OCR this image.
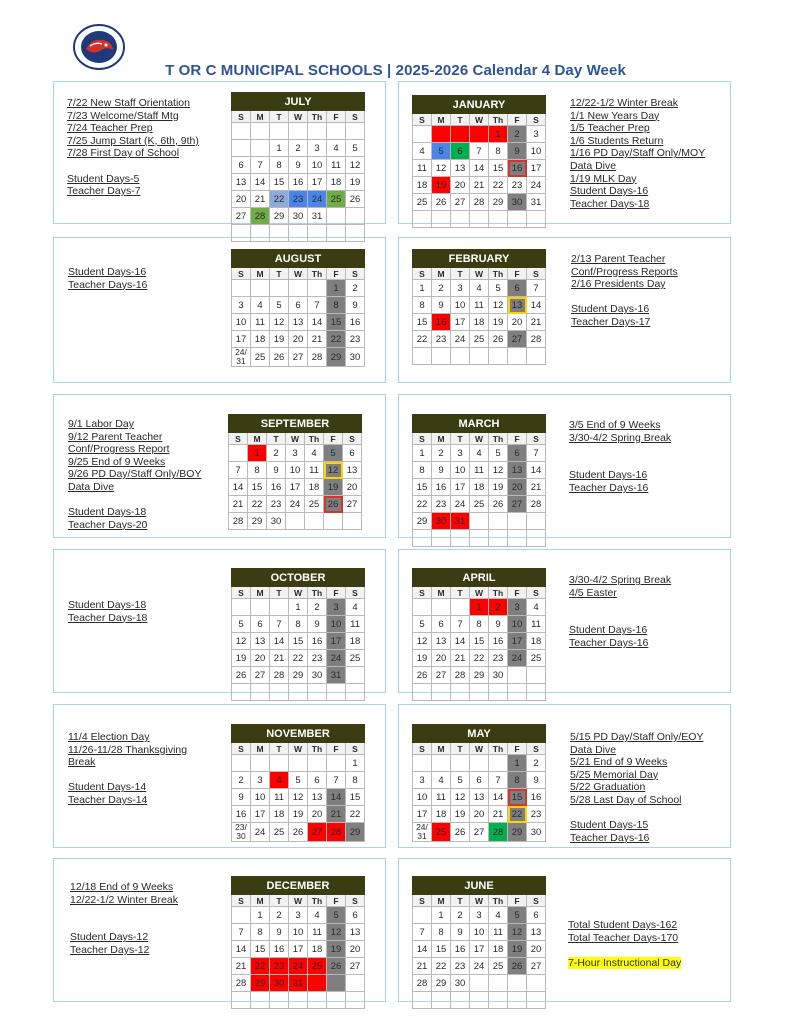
T OR C MUNICIPAL SCHOOLS | 2025-2026 Calendar 4 Day Week
7/22 New Staff Orientation
7/23 Welcome/Staff Mtg
7/24 Teacher Prep
7/25 Jump Start (K, 6th, 9th)
7/28 First Day of School
Student Days-5
Teacher Days-7
12/22-1/2 Winter Break
1/1 New Years Day
1/5 Teacher Prep
1/6 Students Return
1/16 PD Day/Staff Only/MOY
Data Dive
1/19 MLK Day
Student Days-16
Teacher Days-18
Student Days-16
Teacher Days-16
2/13 Parent Teacher
Conf/Progress Reports
2/16 Presidents Day
Student Days-16
Teacher Days-17
9/1 Labor Day
9/12 Parent Teacher
Conf/Progress Report
9/25 End of 9 Weeks
9/26 PD Day/Staff Only/BOY
Data Dive
Student Days-18
Teacher Days-20
3/5 End of 9 Weeks
3/30-4/2 Spring Break
Student Days-16
Teacher Days-16
Student Days-18
Teacher Days-18
3/30-4/2 Spring Break
4/5 Easter
Student Days-16
Teacher Days-16
11/4 Election Day
11/26-11/28 Thanksgiving
Break
Student Days-14
Teacher Days-14
5/15 PD Day/Staff Only/EOY
Data Dive
5/21 End of 9 Weeks
5/25 Memorial Day
5/22 Graduation
5/28 Last Day of School
Student Days-15
Teacher Days-16
12/18 End of 9 Weeks
12/22-1/2 Winter Break
Student Days-12
Teacher Days-12
Total Student Days-162
Total Teacher Days-170
7-Hour Instructional Day
JULY						
S	M	T	W	Th	F	S

		1	2	3	4	5
6	7	8	9	10	11	12
13	14	15	16	17	18	19
20	21	22	23	24	25	26
27	28	29	30	31		

JANUARY						
S	M	T	W	Th	F	S
				1	2	3
4	5	6	7	8	9	10
11	12	13	14	15	16	17
18	19	20	21	22	23	24
25	26	27	28	29	30	31

AUGUST						
S	M	T	W	Th	F	S
					1	2
3	4	5	6	7	8	9
10	11	12	13	14	15	16
17	18	19	20	21	22	23
24/
31	25	26	27	28	29	30
FEBRUARY						
S	M	T	W	Th	F	S
1	2	3	4	5	6	7
8	9	10	11	12	13	14
15	16	17	18	19	20	21
22	23	24	25	26	27	28

SEPTEMBER						
S	M	T	W	Th	F	S
	1	2	3	4	5	6
7	8	9	10	11	12	13
14	15	16	17	18	19	20
21	22	23	24	25	26	27
28	29	30				
MARCH						
S	M	T	W	Th	F	S
1	2	3	4	5	6	7
8	9	10	11	12	13	14
15	16	17	18	19	20	21
22	23	24	25	26	27	28
29	30	31				

OCTOBER						
S	M	T	W	Th	F	S
			1	2	3	4
5	6	7	8	9	10	11
12	13	14	15	16	17	18
19	20	21	22	23	24	25
26	27	28	29	30	31	

APRIL						
S	M	T	W	Th	F	S
			1	2	3	4
5	6	7	8	9	10	11
12	13	14	15	16	17	18
19	20	21	22	23	24	25
26	27	28	29	30		

NOVEMBER						
S	M	T	W	Th	F	S
						1
2	3	4	5	6	7	8
9	10	11	12	13	14	15
16	17	18	19	20	21	22
23/
30	24	25	26	27	28	29
MAY						
S	M	T	W	Th	F	S
					1	2
3	4	5	6	7	8	9
10	11	12	13	14	15	16
17	18	19	20	21	22	23
24/
31	25	26	27	28	29	30
DECEMBER						
S	M	T	W	Th	F	S
	1	2	3	4	5	6
7	8	9	10	11	12	13
14	15	16	17	18	19	20
21	22	23	24	25	26	27
28	29	30	31			

JUNE						
S	M	T	W	Th	F	S
	1	2	3	4	5	6
7	8	9	10	11	12	13
14	15	16	17	18	19	20
21	22	23	24	25	26	27
28	29	30				
